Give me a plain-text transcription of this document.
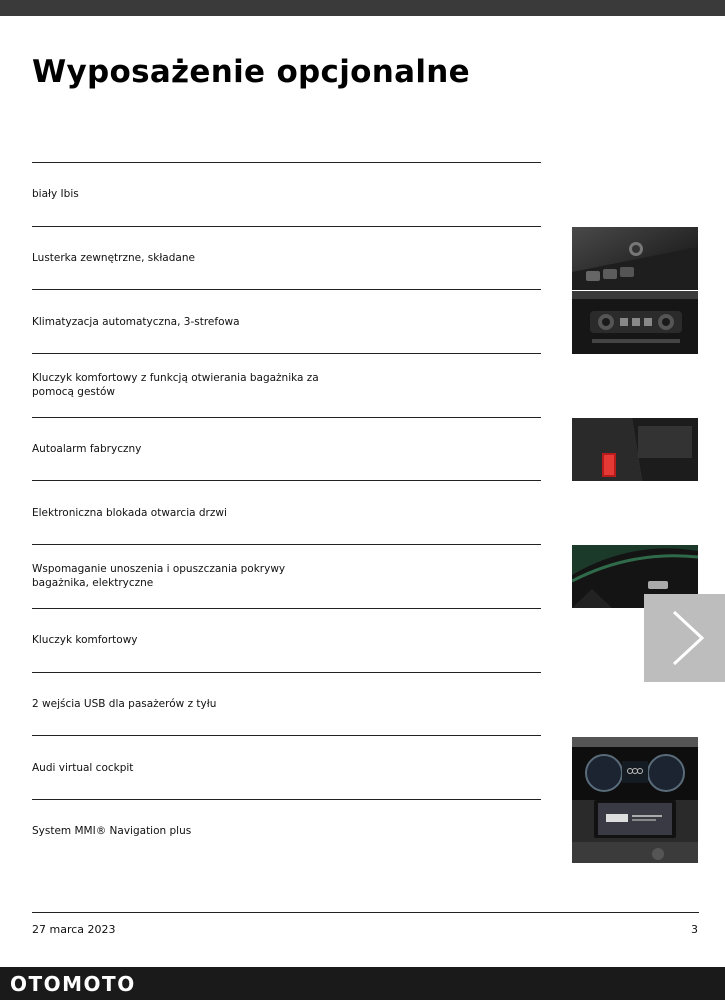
Wyposażenie opcjonalne
biały Ibis
Lusterka zewnętrzne, składane
Klimatyzacja automatyczna, 3-strefowa
Kluczyk komfortowy z funkcją otwierania bagażnika za pomocą gestów
Autoalarm fabryczny
Elektroniczna blokada otwarcia drzwi
Wspomaganie unoszenia i opuszczania pokrywy bagażnika, elektryczne
Kluczyk komfortowy
2 wejścia USB dla pasażerów z tyłu
Audi virtual cockpit
System MMI® Navigation plus
27 marca 2023	3
OTOMOTO
